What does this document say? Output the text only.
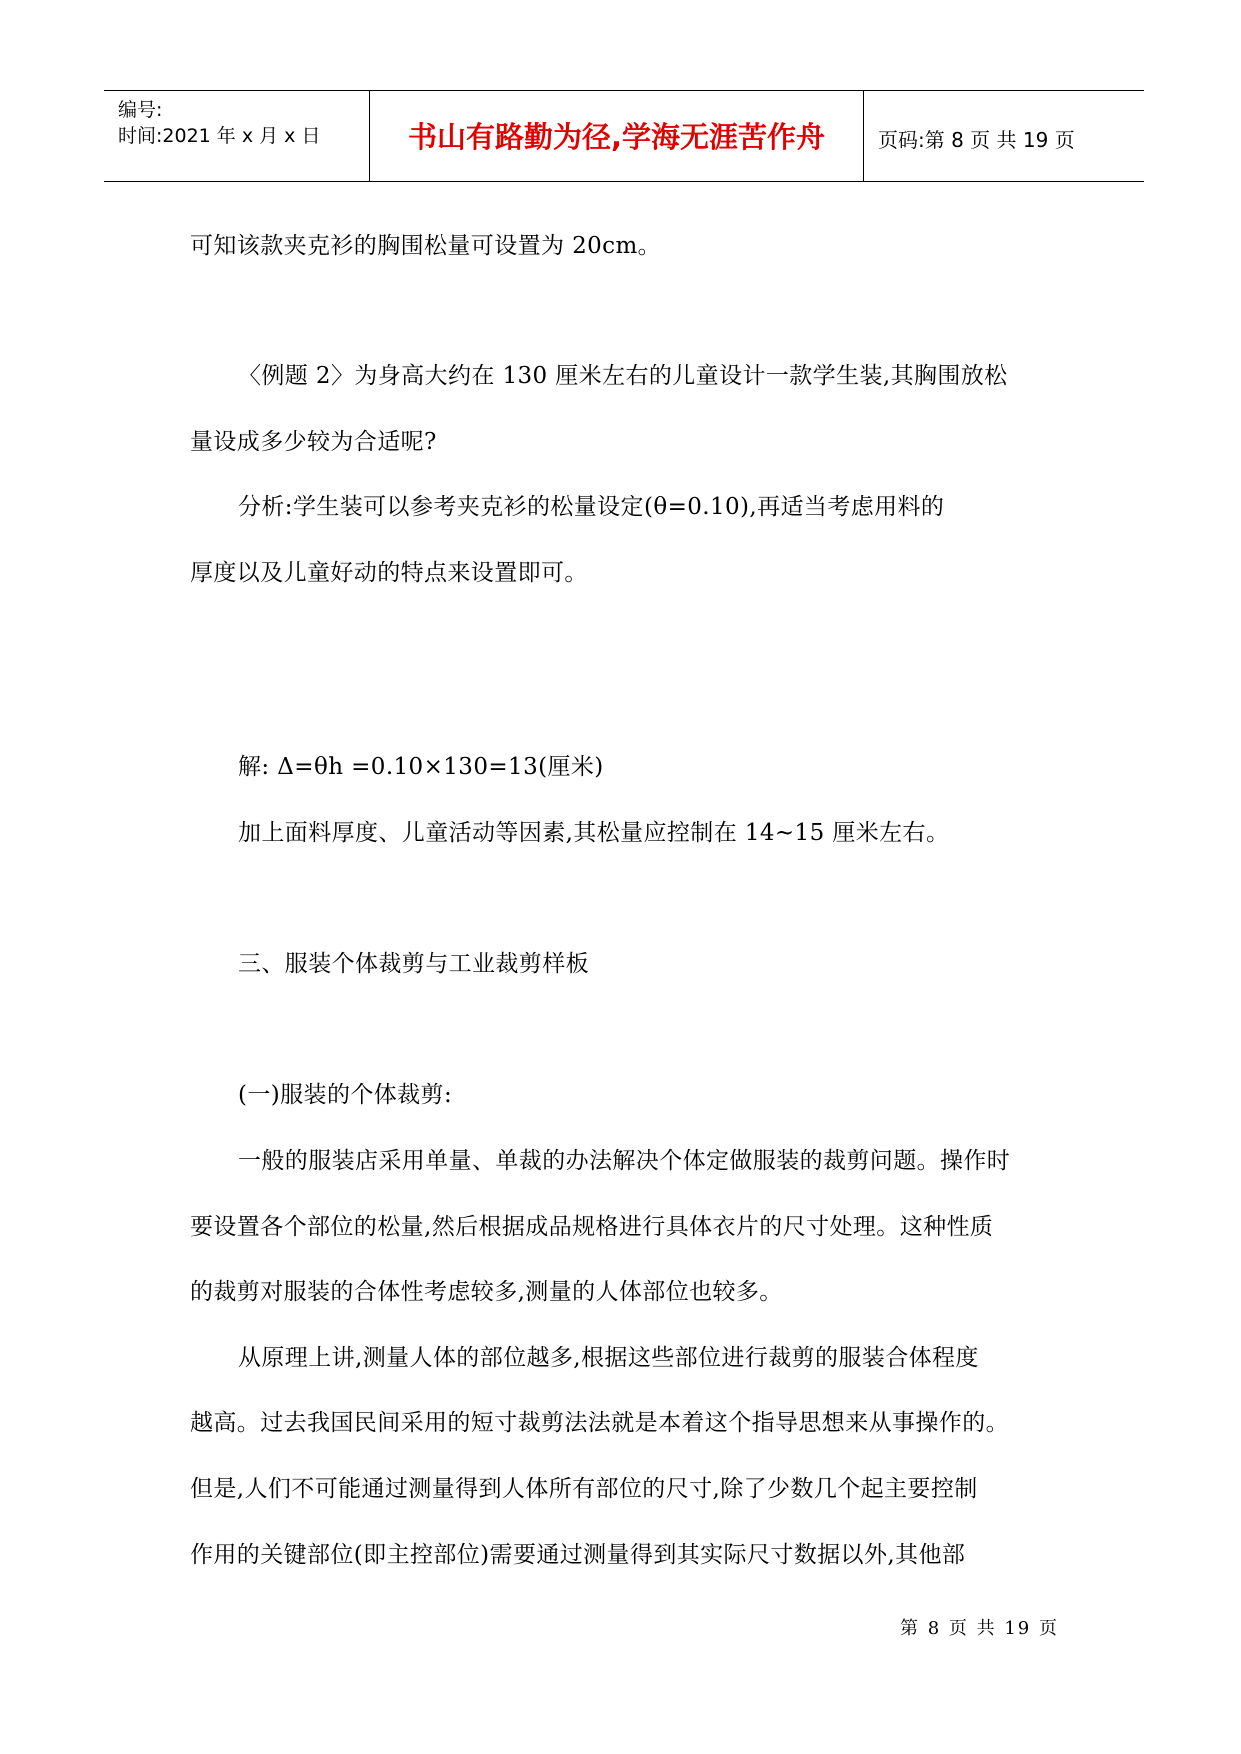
编号:
时间:2021 年 x 月 x 日	书山有路勤为径,学海无涯苦作舟	页码:第 8 页 共 19 页
可知该款夹克衫的胸围松量可设置为 20cm。
〈例题 2〉为身高大约在 130 厘米左右的儿童设计一款学生装,其胸围放松
量设成多少较为合适呢?
分析:学生装可以参考夹克衫的松量设定(θ=0.10),再适当考虑用料的
厚度以及儿童好动的特点来设置即可。
解: Δ=θh =0.10×130=13(厘米)
加上面料厚度、儿童活动等因素,其松量应控制在 14~15 厘米左右。
三、服装个体裁剪与工业裁剪样板
(一)服装的个体裁剪:
一般的服装店采用单量、单裁的办法解决个体定做服装的裁剪问题。操作时
要设置各个部位的松量,然后根据成品规格进行具体衣片的尺寸处理。这种性质
的裁剪对服装的合体性考虑较多,测量的人体部位也较多。
从原理上讲,测量人体的部位越多,根据这些部位进行裁剪的服装合体程度
越高。过去我国民间采用的短寸裁剪法法就是本着这个指导思想来从事操作的。
但是,人们不可能通过测量得到人体所有部位的尺寸,除了少数几个起主要控制
作用的关键部位(即主控部位)需要通过测量得到其实际尺寸数据以外,其他部
第 8 页 共 19 页
